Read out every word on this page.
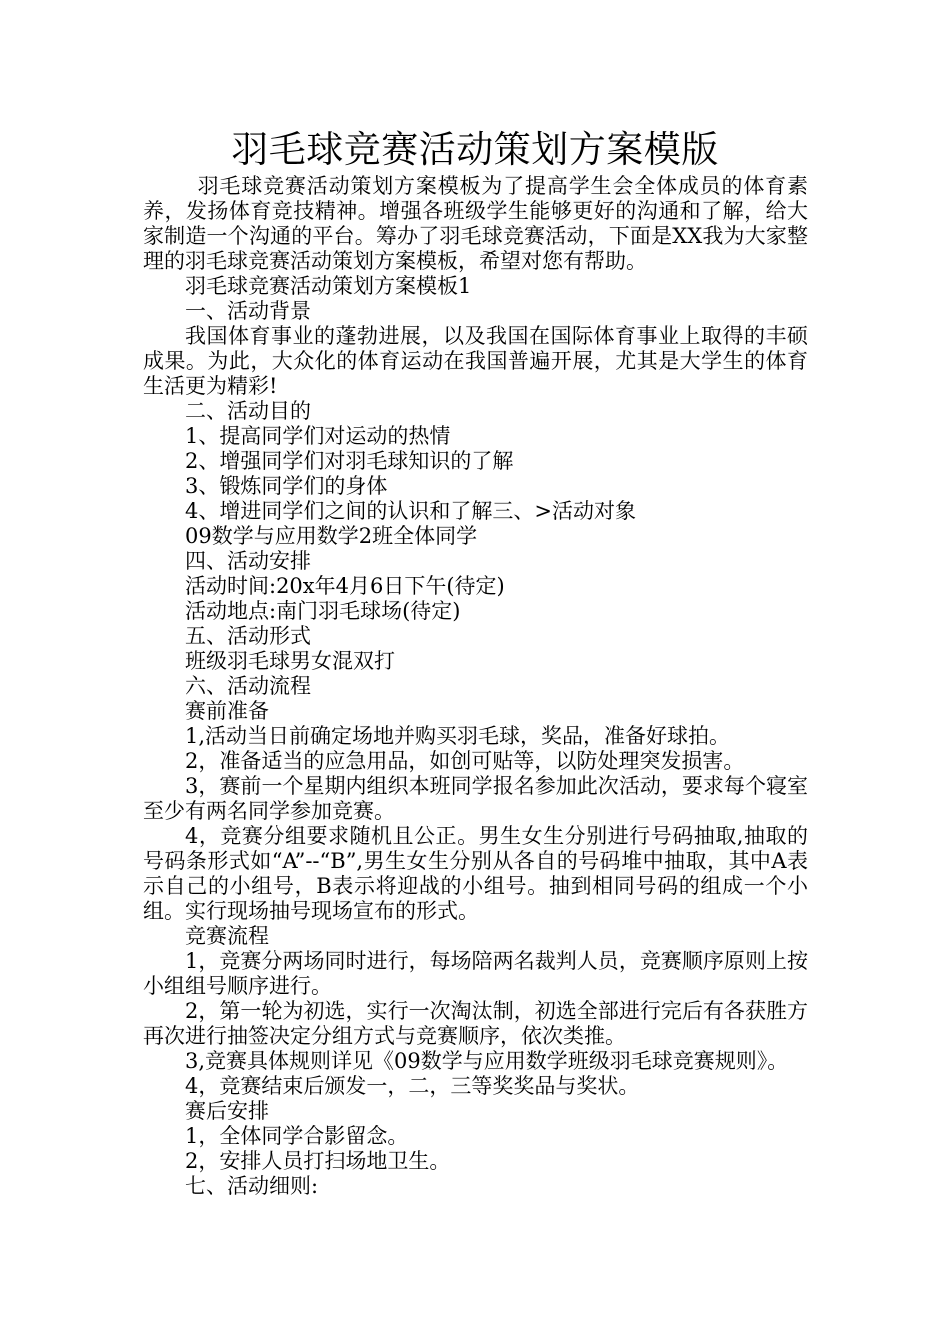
羽毛球竞赛活动策划方案模版

羽毛球竞赛活动策划方案模板为了提高学生会全体成员的体育素养，发扬体育竞技精神。增强各班级学生能够更好的沟通和了解，给大家制造一个沟通的平台。筹办了羽毛球竞赛活动，下面是XX我为大家整理的羽毛球竞赛活动策划方案模板，希望对您有帮助。

羽毛球竞赛活动策划方案模板1

一、活动背景

我国体育事业的蓬勃进展，以及我国在国际体育事业上取得的丰硕成果。为此，大众化的体育运动在我国普遍开展，尤其是大学生的体育生活更为精彩!

二、活动目的

1、提高同学们对运动的热情

2、增强同学们对羽毛球知识的了解

3、锻炼同学们的身体

4、增进同学们之间的认识和了解三、>活动对象

09数学与应用数学2班全体同学

四、活动安排

活动时间:20x年4月6日下午(待定)

活动地点:南门羽毛球场(待定)

五、活动形式

班级羽毛球男女混双打

六、活动流程

赛前准备

1,活动当日前确定场地并购买羽毛球，奖品，准备好球拍。

2，准备适当的应急用品，如创可贴等，以防处理突发损害。

3，赛前一个星期内组织本班同学报名参加此次活动，要求每个寝室至少有两名同学参加竞赛。

4，竞赛分组要求随机且公正。男生女生分别进行号码抽取,抽取的号码条形式如“A”--“B”,男生女生分别从各自的号码堆中抽取，其中A表示自己的小组号，B表示将迎战的小组号。抽到相同号码的组成一个小组。实行现场抽号现场宣布的形式。

竞赛流程

1，竞赛分两场同时进行，每场陪两名裁判人员，竞赛顺序原则上按小组组号顺序进行。

2，第一轮为初选，实行一次淘汰制，初选全部进行完后有各获胜方再次进行抽签决定分组方式与竞赛顺序，依次类推。

3,竞赛具体规则详见《09数学与应用数学班级羽毛球竞赛规则》。

4，竞赛结束后颁发一，二，三等奖奖品与奖状。

赛后安排

1，全体同学合影留念。

2，安排人员打扫场地卫生。

七、活动细则:
